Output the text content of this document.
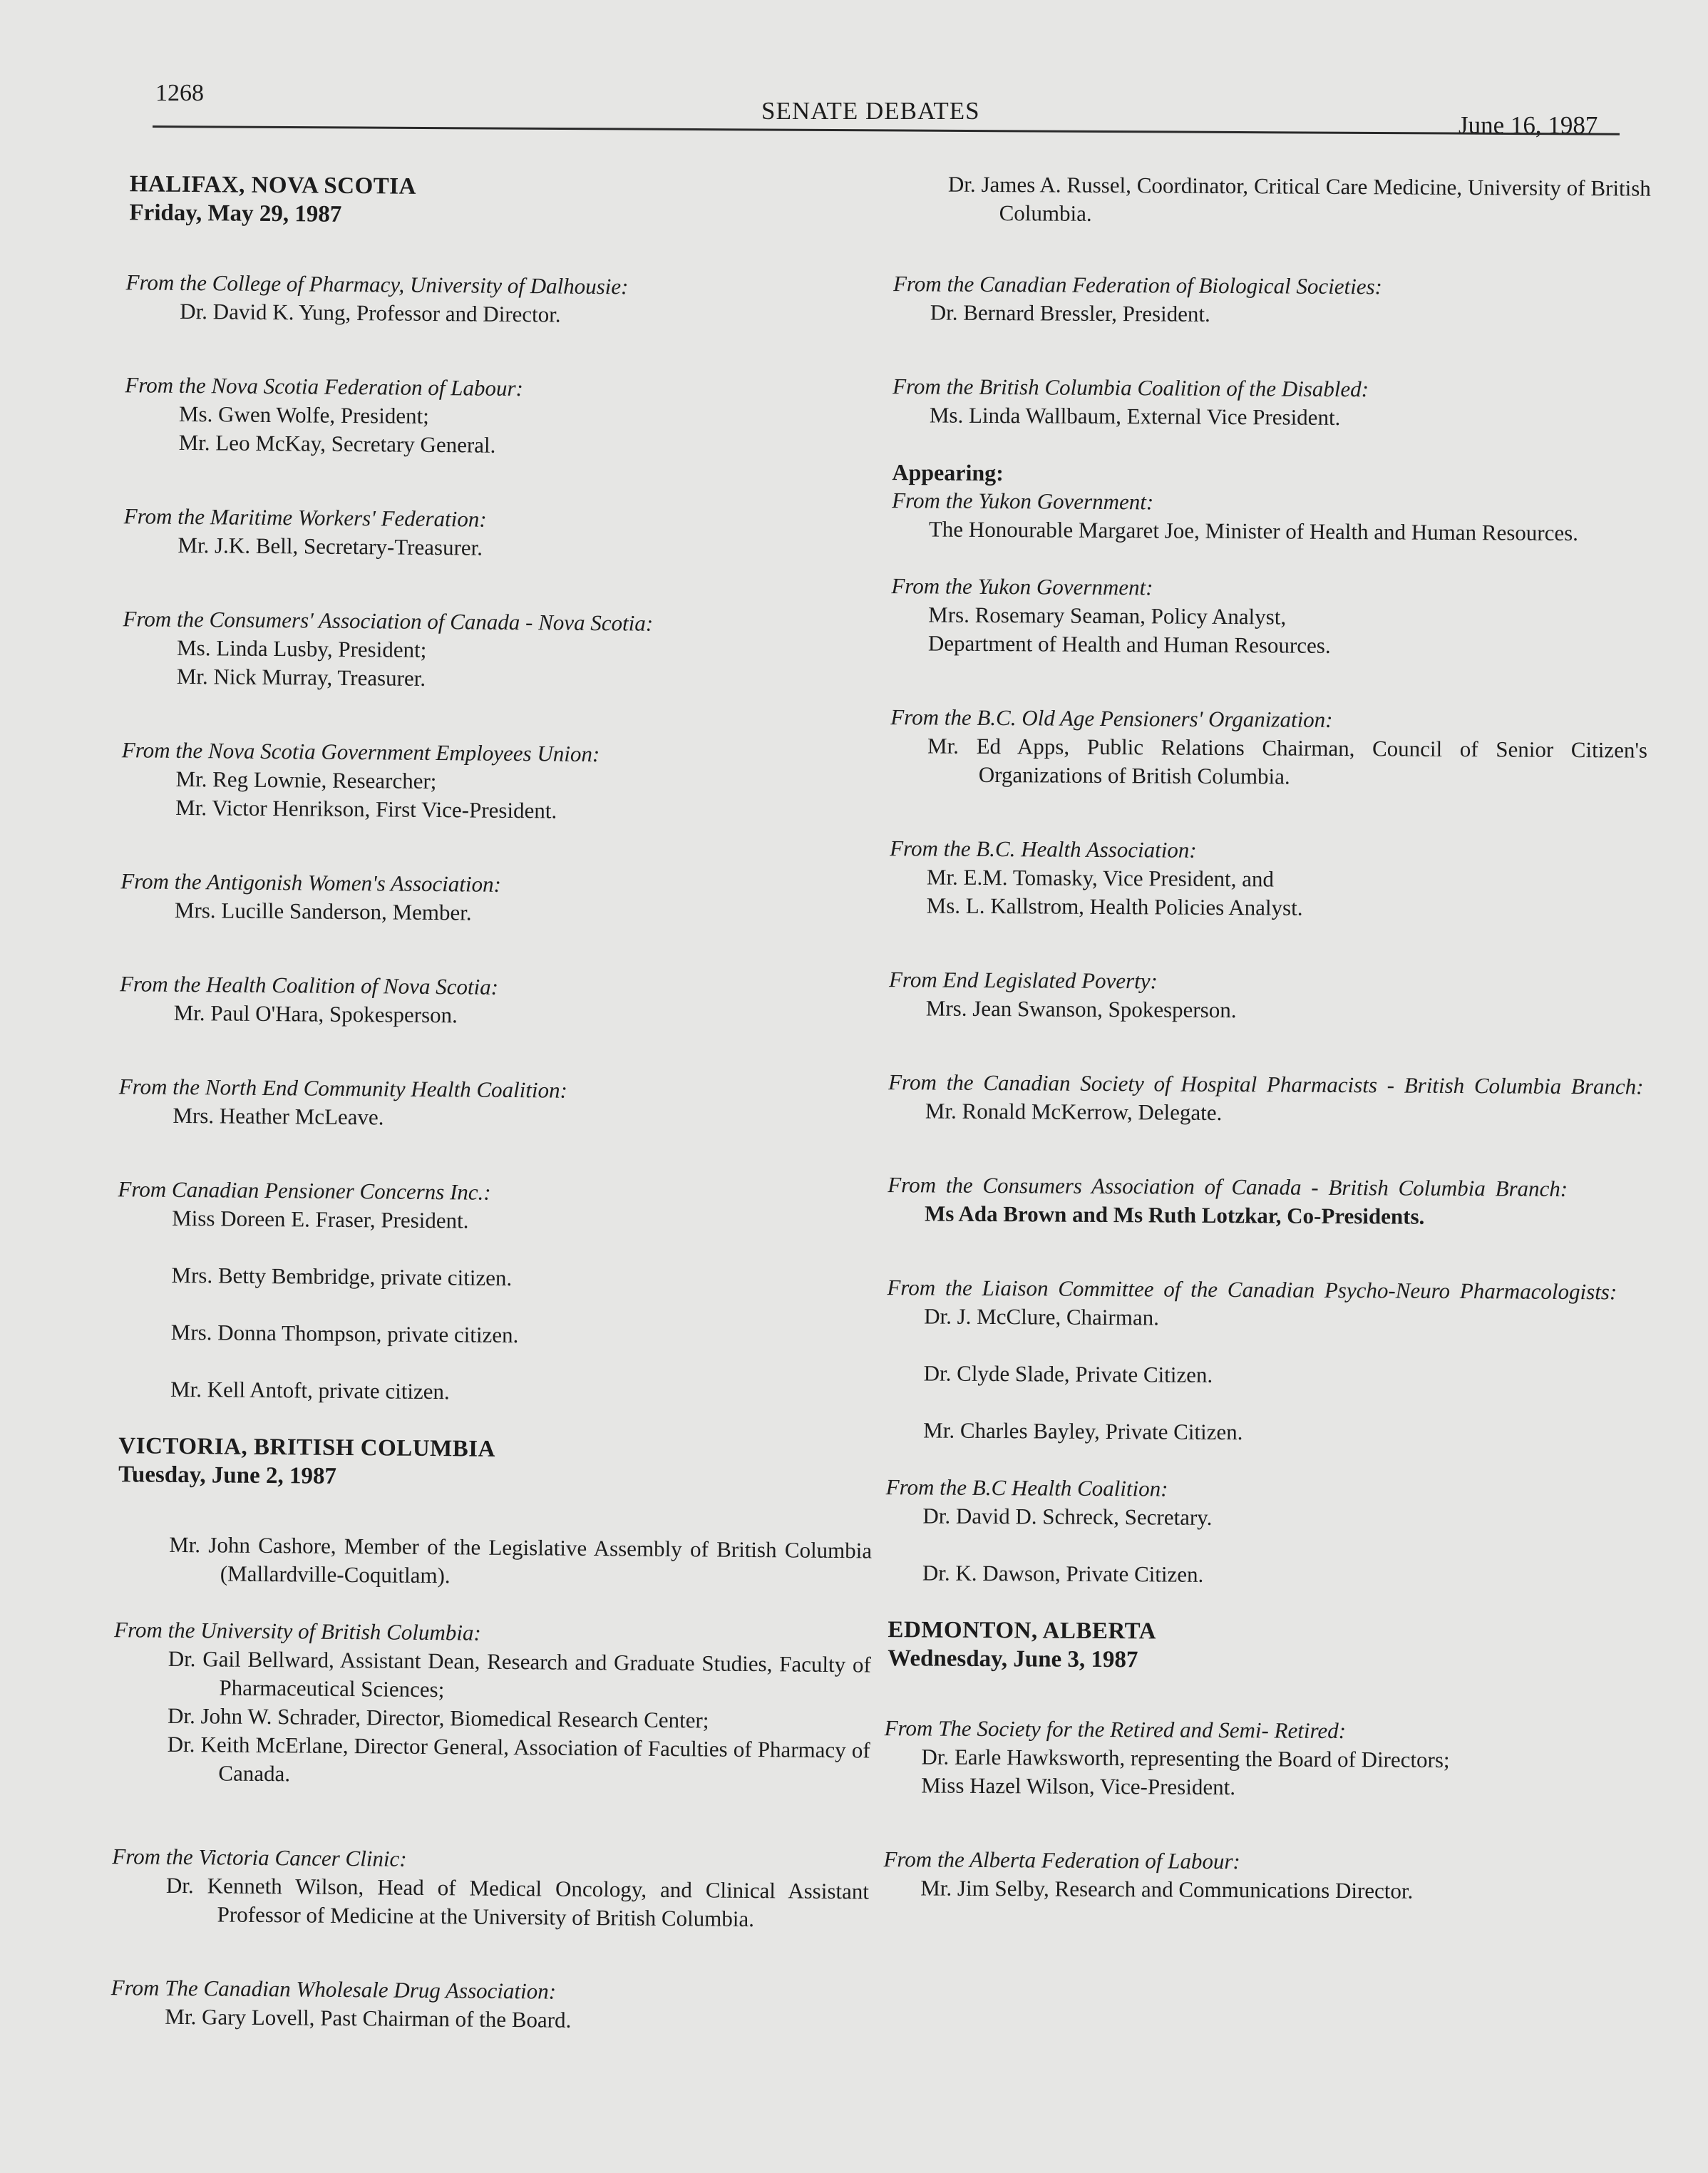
1268
SENATE DEBATES
June 16, 1987
HALIFAX, NOVA SCOTIA
Friday, May 29, 1987
From the College of Pharmacy, University of Dalhousie:
Dr. David K. Yung, Professor and Director.
From the Nova Scotia Federation of Labour:
Ms. Gwen Wolfe, President;
Mr. Leo McKay, Secretary General.
From the Maritime Workers' Federation:
Mr. J.K. Bell, Secretary-Treasurer.
From the Consumers' Association of Canada - Nova Scotia:
Ms. Linda Lusby, President;
Mr. Nick Murray, Treasurer.
From the Nova Scotia Government Employees Union:
Mr. Reg Lownie, Researcher;
Mr. Victor Henrikson, First Vice-President.
From the Antigonish Women's Association:
Mrs. Lucille Sanderson, Member.
From the Health Coalition of Nova Scotia:
Mr. Paul O'Hara, Spokesperson.
From the North End Community Health Coalition:
Mrs. Heather McLeave.
From Canadian Pensioner Concerns Inc.:
Miss Doreen E. Fraser, President.
Mrs. Betty Bembridge, private citizen.
Mrs. Donna Thompson, private citizen.
Mr. Kell Antoft, private citizen.
VICTORIA, BRITISH COLUMBIA
Tuesday, June 2, 1987
Mr. John Cashore, Member of the Legislative Assembly of British Columbia (Mallardville-Coquitlam).
From the University of British Columbia:
Dr. Gail Bellward, Assistant Dean, Research and Graduate Studies, Faculty of Pharmaceutical Sciences;
Dr. John W. Schrader, Director, Biomedical Research Center;
Dr. Keith McErlane, Director General, Association of Faculties of Pharmacy of Canada.
From the Victoria Cancer Clinic:
Dr. Kenneth Wilson, Head of Medical Oncology, and Clinical Assistant Professor of Medicine at the University of British Columbia.
From The Canadian Wholesale Drug Association:
Mr. Gary Lovell, Past Chairman of the Board.
Dr. James A. Russel, Coordinator, Critical Care Medicine, University of British Columbia.
From the Canadian Federation of Biological Societies:
Dr. Bernard Bressler, President.
From the British Columbia Coalition of the Disabled:
Ms. Linda Wallbaum, External Vice President.
Appearing:
From the Yukon Government:
The Honourable Margaret Joe, Minister of Health and Human Resources.
From the Yukon Government:
Mrs. Rosemary Seaman, Policy Analyst,
Department of Health and Human Resources.
From the B.C. Old Age Pensioners' Organization:
Mr. Ed Apps, Public Relations Chairman, Council of Senior Citizen's Organizations of British Columbia.
From the B.C. Health Association:
Mr. E.M. Tomasky, Vice President, and
Ms. L. Kallstrom, Health Policies Analyst.
From End Legislated Poverty:
Mrs. Jean Swanson, Spokesperson.
From the Canadian Society of Hospital Pharmacists - British Columbia Branch:
Mr. Ronald McKerrow, Delegate.
From the Consumers Association of Canada - British Columbia Branch:
Ms Ada Brown and Ms Ruth Lotzkar, Co-Presidents.
From the Liaison Committee of the Canadian Psycho-Neuro Pharmacologists:
Dr. J. McClure, Chairman.
Dr. Clyde Slade, Private Citizen.
Mr. Charles Bayley, Private Citizen.
From the B.C Health Coalition:
Dr. David D. Schreck, Secretary.
Dr. K. Dawson, Private Citizen.
EDMONTON, ALBERTA
Wednesday, June 3, 1987
From The Society for the Retired and Semi- Retired:
Dr. Earle Hawksworth, representing the Board of Directors;
Miss Hazel Wilson, Vice-President.
From the Alberta Federation of Labour:
Mr. Jim Selby, Research and Communications Director.
